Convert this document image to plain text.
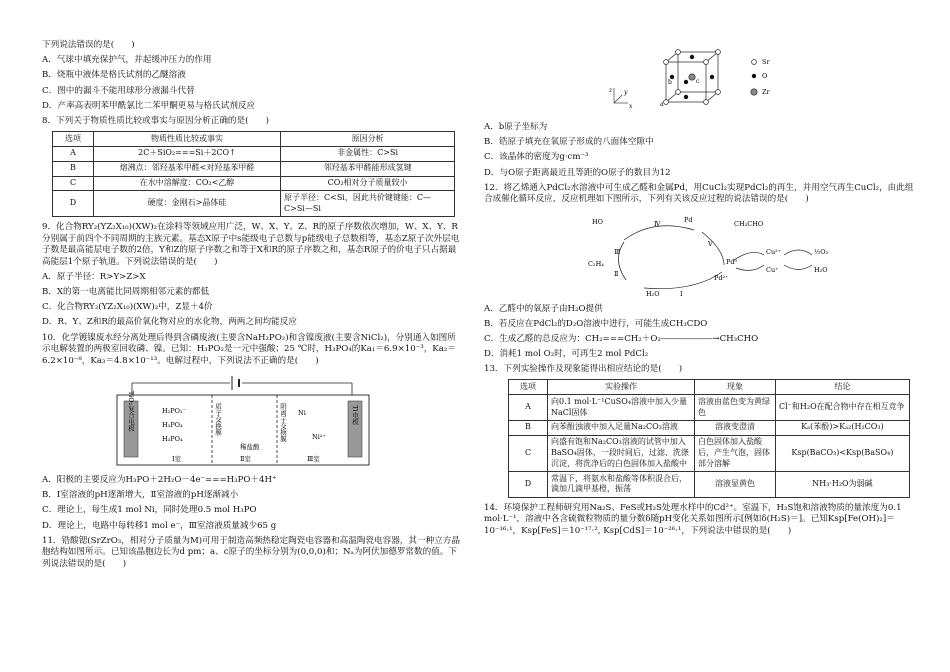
下列说法错误的是(　　)

A．气球中填充保护气，并起缓冲压力的作用

B．烧瓶中液体是格氏试剂的乙醚溶液

C．图中的漏斗不能用球形分液漏斗代替

D．产率高表明苯甲酰氯比二苯甲酮更易与格氏试剂反应

8．下列关于物质性质比较或事实与原因分析正确的是(　　)

选项	物质性质比较或事实	原因分析
A	2C＋SiO₂===Si＋2CO↑	非金属性：C>Si
B	熔沸点：邻羟基苯甲醛<对羟基苯甲醛	邻羟基苯甲醛能形成氢键
C	在水中溶解度：CO₂<乙醇	CO₂相对分子质量较小
D	硬度：金刚石>晶体硅	原子半径：C<Si，因此共价键键能：C—C>Si—Si

9．化合物RY₂(YZ₂X₁₀)(XW)₂在涂料等领域应用广泛，W、X、Y、Z、R的原子序数依次增加，W、X、Y、R分别属于前四个不同周期的主族元素。基态X原子中s能级电子总数与p能级电子总数相等，基态Z原子次外层电子数是最高能层电子数的2倍，Y和Z的原子序数之和等于X和R的原子序数之和，基态R原子的价电子只占据最高能层1个原子轨道。下列说法错误的是(　　)

A．原子半径：R>Y>Z>X

B．X的第一电离能比同周期相邻元素的都低

C．化合物RY₂(YZ₂X₁₀)(XW)₂中，Z显＋4价

D．R、Y、Z和R的最高价氧化物对应的水化物，两两之间均能反应

10．化学镀镍废水经分离处理后得到含磷废液(主要含NaH₂PO₂)和含镍废液(主要含NiCl₂)，分别通入如图所示电解装置的两极室回收磷、镍。已知：H₃PO₂是一元中强酸；25 ℃时，H₃PO₄的Ka₁＝6.9×10⁻³，Ka₂＝6.2×10⁻⁸，Ka₃＝4.8×10⁻¹³。电解过程中，下列说法不正确的是(　　)

TiO₂复合电极	Ti电极
质子交换膜	阴离子交换膜
H₂PO₂⁻
H₃PO₄
H₃PO₄
Ni
Ni²⁺
稀盐酸
Ⅰ室	Ⅱ室	Ⅲ室

A．阳极的主要反应为H₃PO＋2H₂O－4e⁻===H₃PO＋4H⁺

B．Ⅰ室溶液的pH逐渐增大，Ⅱ室溶液的pH逐渐减小

C．理论上，每生成1 mol Ni，同时处理0.5 mol H₃PO

D．理论上，电路中每转移1 mol e⁻，Ⅲ室溶液质量减少65 g

11．锆酸锶(SrZrO₃，相对分子质量为M)可用于制造高频热稳定陶瓷电容器和高温陶瓷电容器，其一种立方晶胞结构如图所示。已知该晶胞边长为d pm；a、c原子的坐标分别为(0,0,0)和；Nₐ为阿伏加德罗常数的值。下列说法错误的是(　　)

a
b	c
z y
x
Sr
O
Zr

A．b原子坐标为

B．锆原子填充在氧原子形成的八面体空隙中

C．该晶体的密度为g·cm⁻³

D．与O原子距离最近且等距的O原子的数目为12

12．将乙烯通入PdCl₂水溶液中可生成乙醛和金属Pd，用CuCl₂实现PdCl₂的再生，并用空气再生CuCl₂，由此组合成催化循环反应，反应机理如下图所示，下列有关该反应过程的说法错误的是(　　)

HO	Pd	CH₃CHO
Ⅳ
V
Ⅲ
Ⅱ
Ⅰ
Pd⁰
Cu²⁺
Cu⁺
½O₂
H₂O
Pd²⁺
C₂H₄
H₂O

A．乙醛中的氧原子由H₂O提供

B．若反应在PdCl₂的D₂O溶液中进行，可能生成CH₃CDO

C．生成乙醛的总反应为：CH₂===CH₂＋O₂――――――→CH₃CHO

D．消耗1 mol O₂时，可再生2 mol PdCl₂

13．下列实验操作及现象能得出相应结论的是(　　)

选项	实验操作	现象	结论
A	向0.1 mol·L⁻¹CuSO₄溶液中加入少量NaCl固体	溶液由蓝色变为黄绿色	Cl⁻和H₂O在配合物中存在相互竞争
B	向苯酚浊液中加入足量Na₂CO₃溶液	溶液变澄清	Kₐ(苯酚)>Kₐ₂(H₂CO₃)
C	向盛有饱和Na₂CO₃溶液的试管中加入BaSO₄固体，一段时间后，过滤、洗涤沉淀，将洗净后的白色固体加入盐酸中	白色固体加入盐酸后，产生气泡，固体部分溶解	Ksp(BaCO₃)<Ksp(BaSO₄)
D	常温下，将氨水和盐酸等体积混合后，滴加几滴甲基橙，振荡	溶液显黄色	NH₃·H₂O为弱碱

14．环境保护工程师研究用Na₂S、FeS或H₂S处理水样中的Cd²⁺。室温下，H₂S饱和溶液物质的量浓度为0.1 mol·L⁻¹，溶液中各含硫微粒物质的量分数δ随pH变化关系如图所示[例如δ(H₂S)＝]。已知Ksp[Fe(OH)₂]＝10⁻¹⁶·¹，Ksp[FeS]＝10⁻¹⁷·², Ksp[CdS]＝10⁻²⁶·¹，下列说法中错误的是(　　)
